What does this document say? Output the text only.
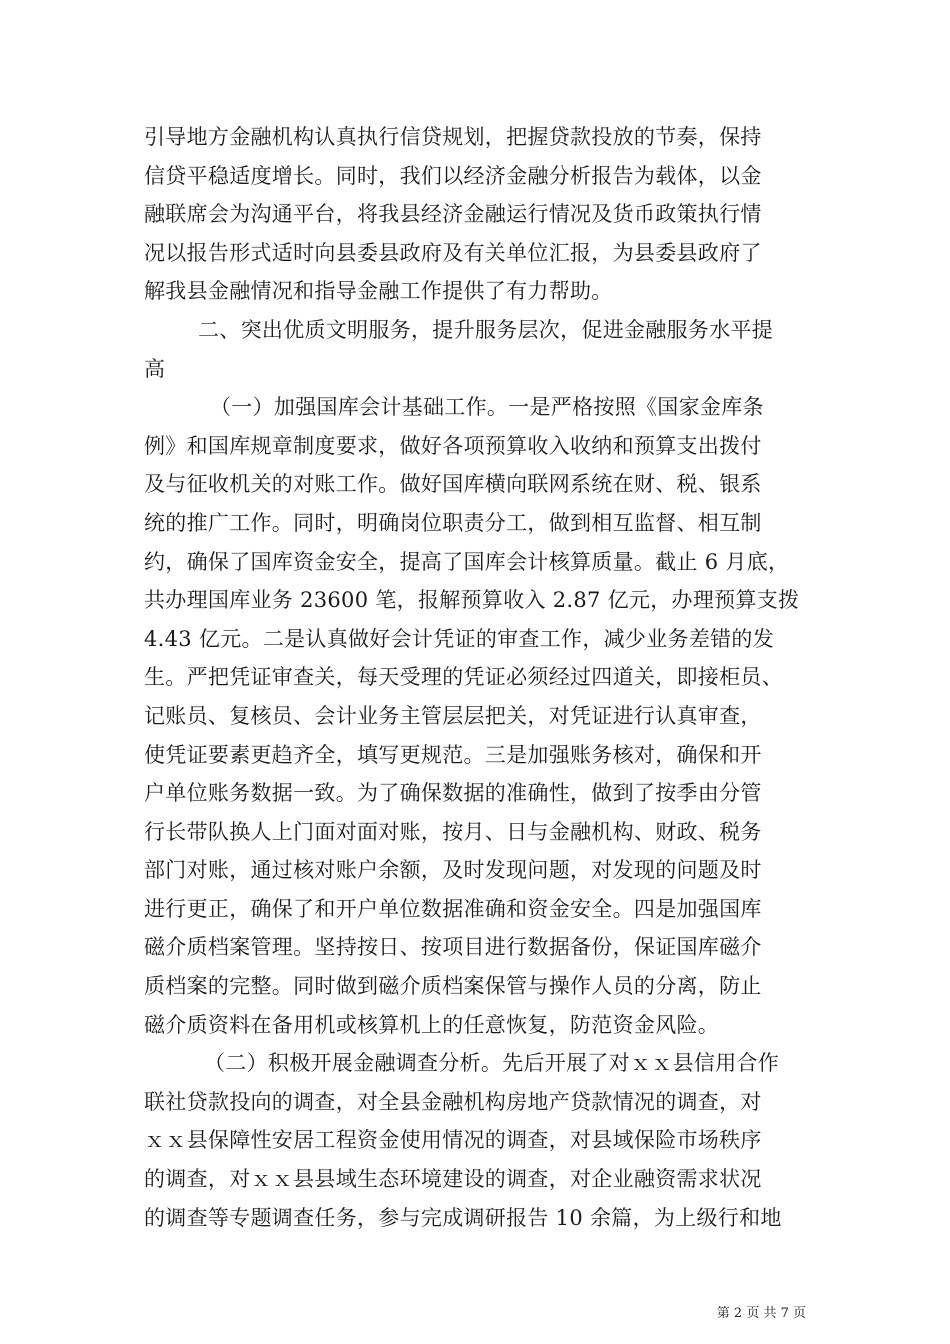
引导地方金融机构认真执行信贷规划，把握贷款投放的节奏，保持
信贷平稳适度增长。同时，我们以经济金融分析报告为载体，以金
融联席会为沟通平台，将我县经济金融运行情况及货币政策执行情
况以报告形式适时向县委县政府及有关单位汇报，为县委县政府了
解我县金融情况和指导金融工作提供了有力帮助。
二、突出优质文明服务，提升服务层次，促进金融服务水平提
高
（一）加强国库会计基础工作。一是严格按照《国家金库条
例》和国库规章制度要求，做好各项预算收入收纳和预算支出拨付
及与征收机关的对账工作。做好国库横向联网系统在财、税、银系
统的推广工作。同时，明确岗位职责分工，做到相互监督、相互制
约，确保了国库资金安全，提高了国库会计核算质量。截止 6 月底，
共办理国库业务 23600 笔，报解预算收入 2.87 亿元，办理预算支拨
4.43 亿元。二是认真做好会计凭证的审查工作，减少业务差错的发
生。严把凭证审查关，每天受理的凭证必须经过四道关，即接柜员、
记账员、复核员、会计业务主管层层把关，对凭证进行认真审查，
使凭证要素更趋齐全，填写更规范。三是加强账务核对，确保和开
户单位账务数据一致。为了确保数据的准确性，做到了按季由分管
行长带队换人上门面对面对账，按月、日与金融机构、财政、税务
部门对账，通过核对账户余额，及时发现问题，对发现的问题及时
进行更正，确保了和开户单位数据准确和资金安全。四是加强国库
磁介质档案管理。坚持按日、按项目进行数据备份，保证国库磁介
质档案的完整。同时做到磁介质档案保管与操作人员的分离，防止
磁介质资料在备用机或核算机上的任意恢复，防范资金风险。
（二）积极开展金融调查分析。先后开展了对ｘｘ县信用合作
联社贷款投向的调查，对全县金融机构房地产贷款情况的调查，对
ｘｘ县保障性安居工程资金使用情况的调查，对县域保险市场秩序
的调查，对ｘｘ县县域生态环境建设的调查，对企业融资需求状况
的调查等专题调查任务，参与完成调研报告 10 余篇，为上级行和地
第 2 页 共 7 页
